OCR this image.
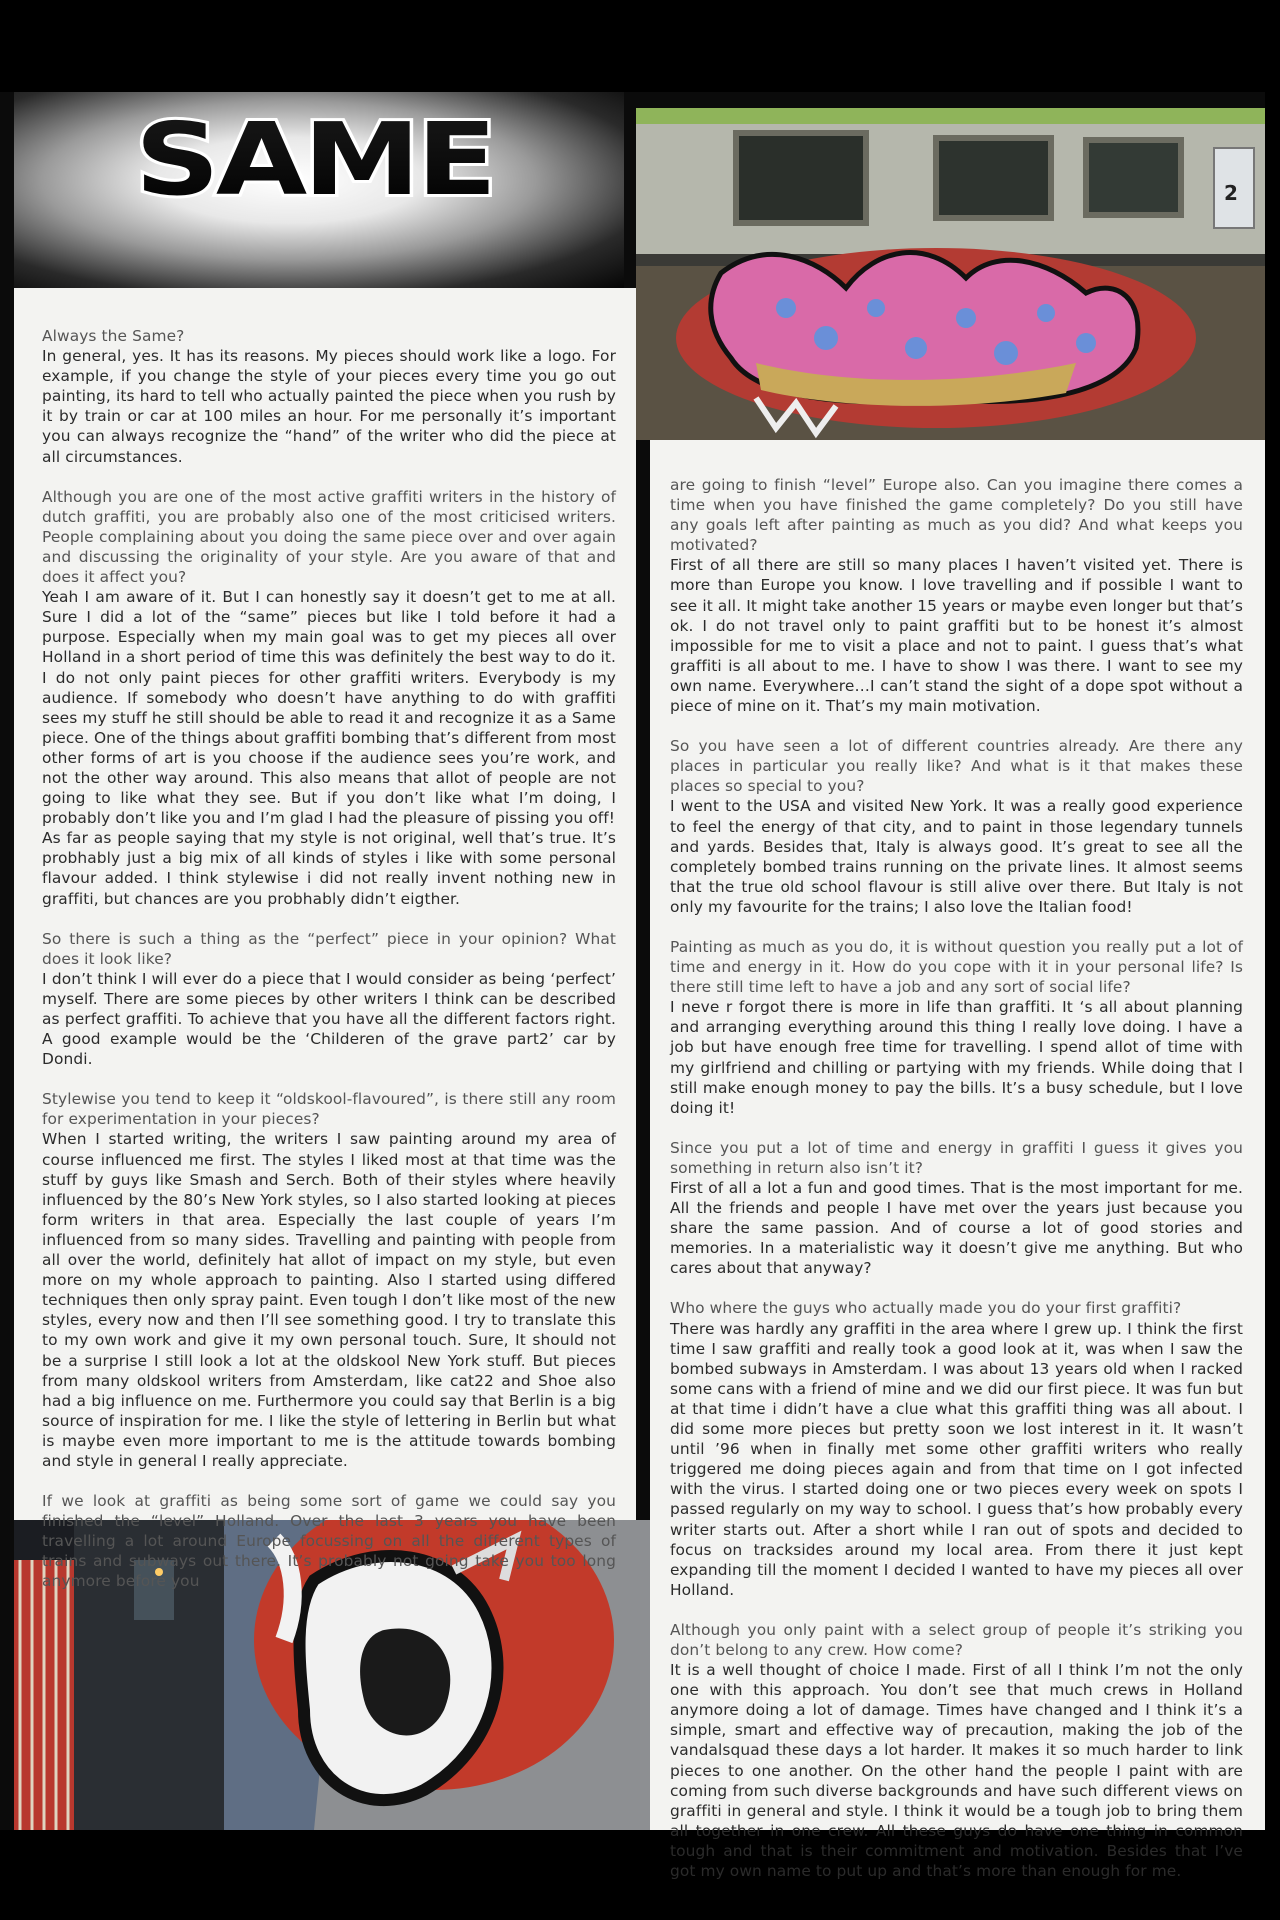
SAME	2

Always the Same?

In general, yes. It has its reasons. My pieces should work like a logo. For example, if you change the style of your pieces every time you go out painting, its hard to tell who actually painted the piece when you rush by it by train or car at 100 miles an hour. For me personally it’s important you can always recognize the “hand” of the writer who did the piece at all circumstances.

Although you are one of the most active graffiti writers in the history of dutch graffiti, you are probably also one of the most criticised writers. People complaining about you doing the same piece over and over again and discussing the originality of your style. Are you aware of that and does it affect you?

Yeah I am aware of it. But I can honestly say it doesn’t get to me at all. Sure I did a lot of the “same” pieces but like I told before it had a purpose. Especially when my main goal was to get my pieces all over Holland in a short period of time this was definitely the best way to do it. I do not only paint pieces for other graffiti writers. Everybody is my audience. If somebody who doesn’t have anything to do with graffiti sees my stuff he still should be able to read it and recognize it as a Same piece. One of the things about graffiti bombing that’s different from most other forms of art is you choose if the audience sees you’re work, and not the other way around. This also means that allot of people are not going to like what they see. But if you don’t like what I’m doing, I probably don’t like you and I’m glad I had the pleasure of pissing you off!

As far as people saying that my style is not original, well that’s true. It’s probhably just a big mix of all kinds of styles i like with some personal flavour added. I think stylewise i did not really invent nothing new in graffiti, but chances are you probhably didn’t eigther.

So there is such a thing as the “perfect” piece in your opinion? What does it look like?

I don’t think I will ever do a piece that I would consider as being ‘perfect’ myself. There are some pieces by other writers I think can be described as perfect graffiti. To achieve that you have all the different factors right. A good example would be the ‘Childeren of the grave part2’ car by Dondi.

Stylewise you tend to keep it “oldskool-flavoured”, is there still any room for experimentation in your pieces?

When I started writing, the writers I saw painting around my area of course influenced me first. The styles I liked most at that time was the stuff by guys like Smash and Serch. Both of their styles where heavily influenced by the 80’s New York styles, so I also started looking at pieces form writers in that area. Especially the last couple of years I’m influenced from so many sides. Travelling and painting with people from all over the world, definitely hat allot of impact on my style, but even more on my whole approach to painting. Also I started using differed techniques then only spray paint. Even tough I don’t like most of the new styles, every now and then I’ll see something good. I try to translate this to my own work and give it my own personal touch. Sure, It should not be a surprise I still look a lot at the oldskool New York stuff. But pieces from many oldskool writers from Amsterdam, like cat22 and Shoe also had a big influence on me. Furthermore you could say that Berlin is a big source of inspiration for me. I like the style of lettering in Berlin but what is maybe even more important to me is the attitude towards bombing and style in general I really appreciate.

If we look at graffiti as being some sort of game we could say you finished the “level” Holland. Over the last 3 years you have been travelling a lot around Europe focussing on all the different types of trains and subways out there. It’s probably not going take you too long anymore before you

are going to finish “level” Europe also. Can you imagine there comes a time when you have finished the game completely? Do you still have any goals left after painting as much as you did? And what keeps you motivated?

First of all there are still so many places I haven’t visited yet. There is more than Europe you know. I love travelling and if possible I want to see it all. It might take another 15 years or maybe even longer but that’s ok. I do not travel only to paint graffiti but to be honest it’s almost impossible for me to visit a place and not to paint. I guess that’s what graffiti is all about to me. I have to show I was there. I want to see my own name. Everywhere…I can’t stand the sight of a dope spot without a piece of mine on it. That’s my main motivation.

So you have seen a lot of different countries already. Are there any places in particular you really like? And what is it that makes these places so special to you?

I went to the USA and visited New York. It was a really good experience to feel the energy of that city, and to paint in those legendary tunnels and yards. Besides that, Italy is always good. It’s great to see all the completely bombed trains running on the private lines. It almost seems that the true old school flavour is still alive over there. But Italy is not only my favourite for the trains; I also love the Italian food!

Painting as much as you do, it is without question you really put a lot of time and energy in it. How do you cope with it in your personal life? Is there still time left to have a job and any sort of social life?

I neve r forgot there is more in life than graffiti. It ‘s all about planning and arranging everything around this thing I really love doing. I have a job but have enough free time for travelling. I spend allot of time with my girlfriend and chilling or partying with my friends. While doing that I still make enough money to pay the bills. It’s a busy schedule, but I love doing it!

Since you put a lot of time and energy in graffiti I guess it gives you something in return also isn’t it?

First of all a lot a fun and good times. That is the most important for me. All the friends and people I have met over the years just because you share the same passion. And of course a lot of good stories and memories. In a materialistic way it doesn’t give me anything. But who cares about that anyway?

Who where the guys who actually made you do your first graffiti?

There was hardly any graffiti in the area where I grew up. I think the first time I saw graffiti and really took a good look at it, was when I saw the bombed subways in Amsterdam. I was about 13 years old when I racked some cans with a friend of mine and we did our first piece. It was fun but at that time i didn’t have a clue what this graffiti thing was all about. I did some more pieces but pretty soon we lost interest in it. It wasn’t until ’96 when in finally met some other graffiti writers who really triggered me doing pieces again and from that time on I got infected with the virus. I started doing one or two pieces every week on spots I passed regularly on my way to school. I guess that’s how probably every writer starts out. After a short while I ran out of spots and decided to focus on tracksides around my local area. From there it just kept expanding till the moment I decided I wanted to have my pieces all over Holland.

Although you only paint with a select group of people it’s striking you don’t belong to any crew. How come?

It is a well thought of choice I made. First of all I think I’m not the only one with this approach. You don’t see that much crews in Holland anymore doing a lot of damage. Times have changed and I think it’s a simple, smart and effective way of precaution, making the job of the vandalsquad these days a lot harder. It makes it so much harder to link pieces to one another. On the other hand the people I paint with are coming from such diverse backgrounds and have such different views on graffiti in general and style. I think it would be a tough job to bring them all together in one crew. All these guys do have one thing in common tough and that is their commitment and motivation. Besides that I’ve got my own name to put up and that’s more than enough for me.
